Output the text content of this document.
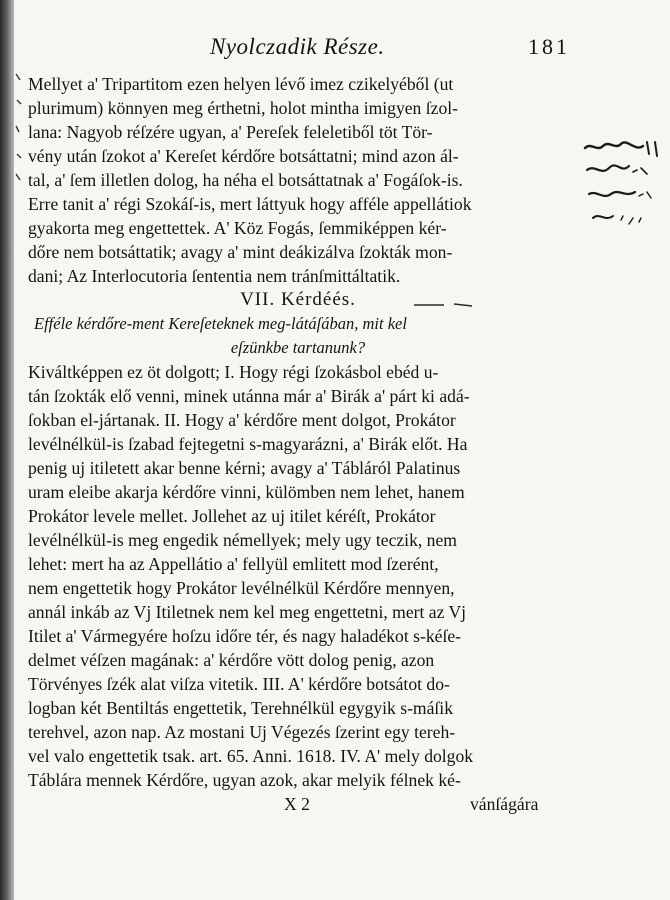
Nyolczadik Része.	181
Mellyet a' Tripartitom ezen helyen lévő imez czikelyéből (ut
plurimum) könnyen meg érthetni, holot mintha imigyen ſzol-
lana: Nagyob réſzére ugyan, a' Pereſek feleletiből töt Tör-
vény után ſzokot a' Kereſet kérdőre botsáttatni; mind azon ál-
tal, a' ſem illetlen dolog, ha néha el botsáttatnak a' Fogáſok-is.
Erre tanit a' régi Szokáſ-is, mert láttyuk hogy afféle appellátiok
gyakorta meg engettettek. A' Köz Fogás, ſemmiképpen kér-
dőre nem botsáttatik; avagy a' mint deákizálva ſzokták mon-
dani; Az Interlocutoria ſententia nem tránſmittáltatik.
VII. Kérdéés.
Efféle kérdőre-ment Kereſeteknek meg-látáſában, mit kel
eſzünkbe tartanunk?
Kiváltképpen ez öt dolgott; I. Hogy régi ſzokásbol ebéd u-
tán ſzokták elő venni, minek utánna már a' Birák a' párt ki adá-
ſokban el-jártanak. II. Hogy a' kérdőre ment dolgot, Prokátor
levélnélkül-is ſzabad fejtegetni s-magyarázni, a' Birák előt. Ha
penig uj itiletett akar benne kérni; avagy a' Tábláról Palatinus
uram eleibe akarja kérdőre vinni, külömben nem lehet, hanem
Prokátor levele mellet. Jollehet az uj itilet kéréſt, Prokátor
levélnélkül-is meg engedik némellyek; mely ugy teczik, nem
lehet: mert ha az Appellátio a' fellyül emlitett mod ſzerént,
nem engettetik hogy Prokátor levélnélkül Kérdőre mennyen,
annál inkáb az Vj Itiletnek nem kel meg engettetni, mert az Vj
Itilet a' Vármegyére hoſzu időre tér, és nagy haladékot s-kéſe-
delmet véſzen magának: a' kérdőre vött dolog penig, azon
Törvényes ſzék alat viſza vitetik. III. A' kérdőre botsátot do-
logban két Bentiltás engettetik, Terehnélkül egygyik s-máſik
terehvel, azon nap. Az mostani Uj Végezés ſzerint egy tereh-
vel valo engettetik tsak. art. 65. Anni. 1618. IV. A' mely dolgok
Táblára mennek Kérdőre, ugyan azok, akar melyik félnek ké-
X 2	vánſágára
